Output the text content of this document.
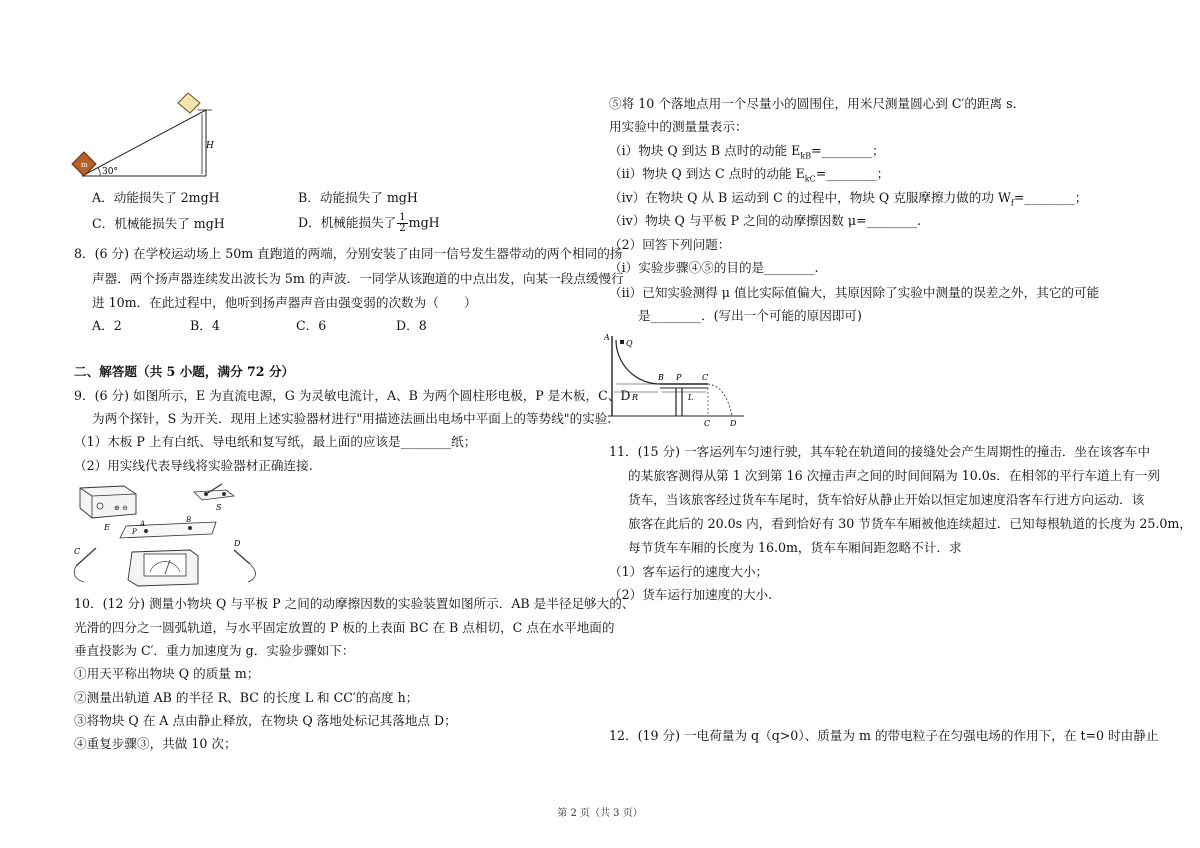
30°
H
m
A．动能损失了 2mgH	B．动能损失了 mgH
C．机械能损失了 mgH	D．机械能损失了 $\frac{1}{2}$ mgH
8．(6 分) 在学校运动场上 50m 直跑道的两端，分别安装了由同一信号发生器带动的两个相同的扬
声器．两个扬声器连续发出波长为 5m 的声波．一同学从该跑道的中点出发，向某一段点缓慢行
进 10m．在此过程中，他听到扬声器声音由强变弱的次数为（　　）
A．2	B．4	C．6	D．8
二、解答题（共 5 小题，满分 72 分）
9．(6 分) 如图所示，E 为直流电源，G 为灵敏电流计，A、B 为两个圆柱形电极，P 是木板，C、D
为两个探针，S 为开关．现用上述实验器材进行"用描迹法画出电场中平面上的等势线"的实验.
（1）木板 P 上有白纸、导电纸和复写纸，最上面的应该是________纸；
（2）用实线代表导线将实验器材正确连接.
⊕ ⊖
E
S
P
A	B
C
D
10．(12 分) 测量小物块 Q 与平板 P 之间的动摩擦因数的实验装置如图所示．AB 是半径足够大的、
光滑的四分之一圆弧轨道，与水平固定放置的 P 板的上表面 BC 在 B 点相切，C 点在水平地面的
垂直投影为 C′．重力加速度为 g．实验步骤如下：
①用天平称出物块 Q 的质量 m；
②测量出轨道 AB 的半径 R、BC 的长度 L 和 CC′的高度 h；
③将物块 Q 在 A 点由静止释放，在物块 Q 落地处标记其落地点 D；
④重复步骤③，共做 10 次；
⑤将 10 个落地点用一个尽量小的圆围住，用米尺测量圆心到 C′的距离 s.
用实验中的测量量表示：
（ⅰ）物块 Q 到达 B 点时的动能 $E_{kB}=\_\_\_\_\_\_\_\_$；
（ⅱ）物块 Q 到达 C 点时的动能 $E_{kC}=\_\_\_\_\_\_\_\_$；
（ⅳ）在物块 Q 从 B 运动到 C 的过程中，物块 Q 克服摩擦力做的功 $W_f=\_\_\_\_\_\_\_\_$；
（ⅳ）物块 Q 与平板 P 之间的动摩擦因数 μ=________.
（2）回答下列问题：
（ⅰ）实验步骤④⑤的目的是________.
（ⅱ）已知实验测得 μ 值比实际值偏大，其原因除了实验中测量的误差之外，其它的可能
是________．(写出一个可能的原因即可)
A
Q
B P	C
R	L
C D
11．(15 分) 一客运列车匀速行驶，其车轮在轨道间的接缝处会产生周期性的撞击．坐在该客车中
的某旅客测得从第 1 次到第 16 次撞击声之间的时间间隔为 10.0s．在相邻的平行车道上有一列
货车，当该旅客经过货车车尾时，货车恰好从静止开始以恒定加速度沿客车行进方向运动．该
旅客在此后的 20.0s 内，看到恰好有 30 节货车车厢被他连续超过．已知每根轨道的长度为 25.0m，
每节货车车厢的长度为 16.0m，货车车厢间距忽略不计．求
（1）客车运行的速度大小；
（2）货车运行加速度的大小.
12．(19 分) 一电荷量为 q（q>0）、质量为 m 的带电粒子在匀强电场的作用下，在 t=0 时由静止
第 2 页（共 3 页）
